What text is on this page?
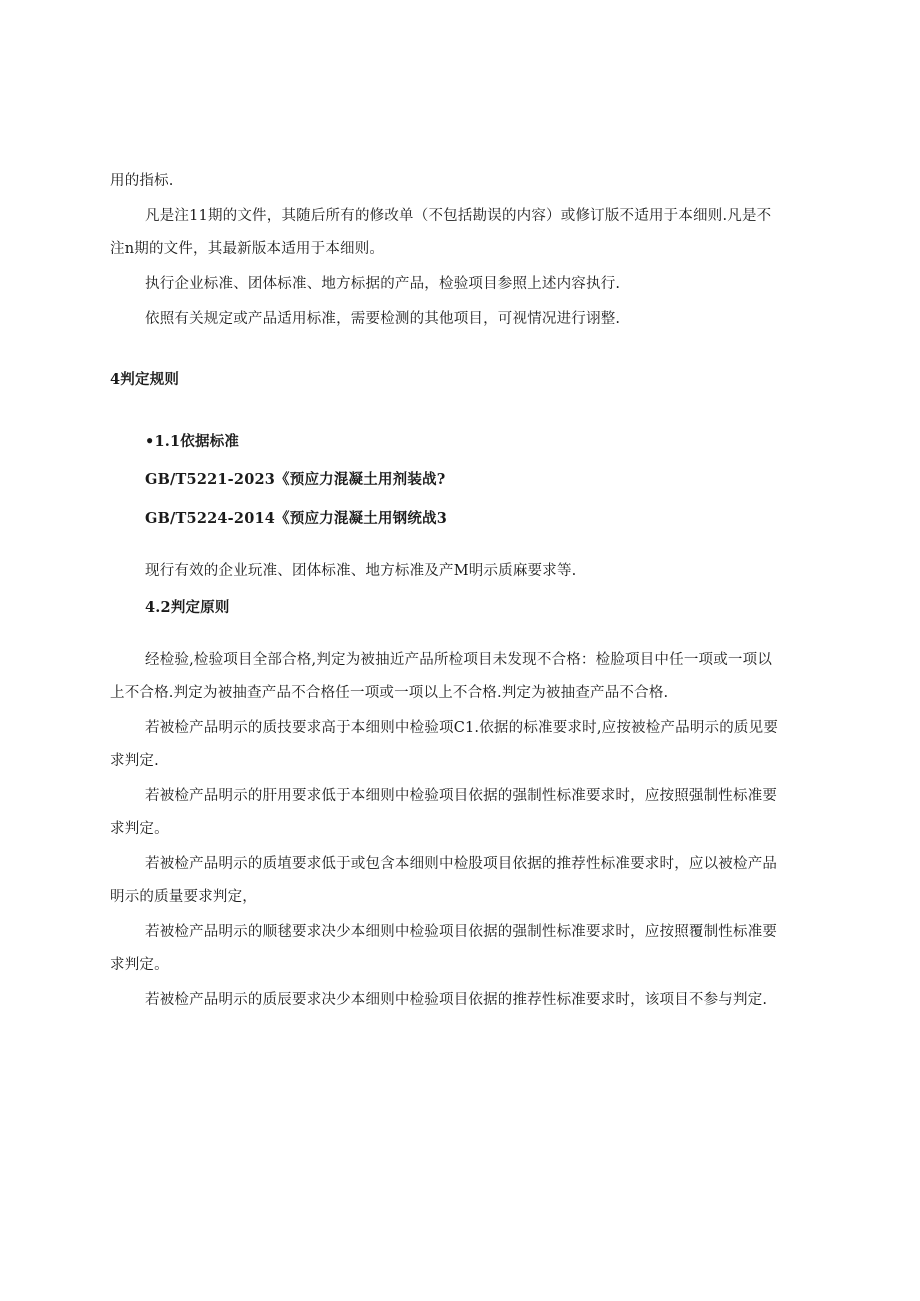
用的指标.
凡是注11期的文件，其随后所有的修改单（不包括勘误的内容）或修订版不适用于本细则.凡是不
注n期的文件，其最新版本适用于本细则。
执行企业标准、团体标准、地方标据的产品，检验项目参照上述内容执行.
依照有关规定或产品适用标准，需要检测的其他项目，可视情况进行诩整.
4判定规则
•1.1依据标准
GB/T5221-2023《预应力混凝土用剂装战?
GB/T5224-2014《预应力混凝土用钢统战3
现行有效的企业玩准、团体标准、地方标准及产M明示质麻要求等.
4.2判定原则
经检验,检验项目全部合格,判定为被抽近产品所检项目未发现不合格：检脸项目中任一项或一项以
上不合格.判定为被抽查产品不合格任一项或一项以上不合格.判定为被抽查产品不合格.
若被检产品明示的质技要求高于本细则中检验项C1.依据的标准要求时,应按被检产品明示的质见要
求判定.
若被检产品明示的肝用要求低于本细则中检验项目依据的强制性标准要求时，应按照强制性标准要
求判定。
若被检产品明示的质埴要求低于或包含本细则中检股项目依据的推荐性标准要求时，应以被检产品
明示的质量要求判定，
若被检产品明示的顺毬要求决少本细则中检验项目依据的强制性标准要求时，应按照覆制性标准要
求判定。
若被检产品明示的质辰要求决少本细则中检验项目依据的推荐性标准要求时，该项目不参与判定.
